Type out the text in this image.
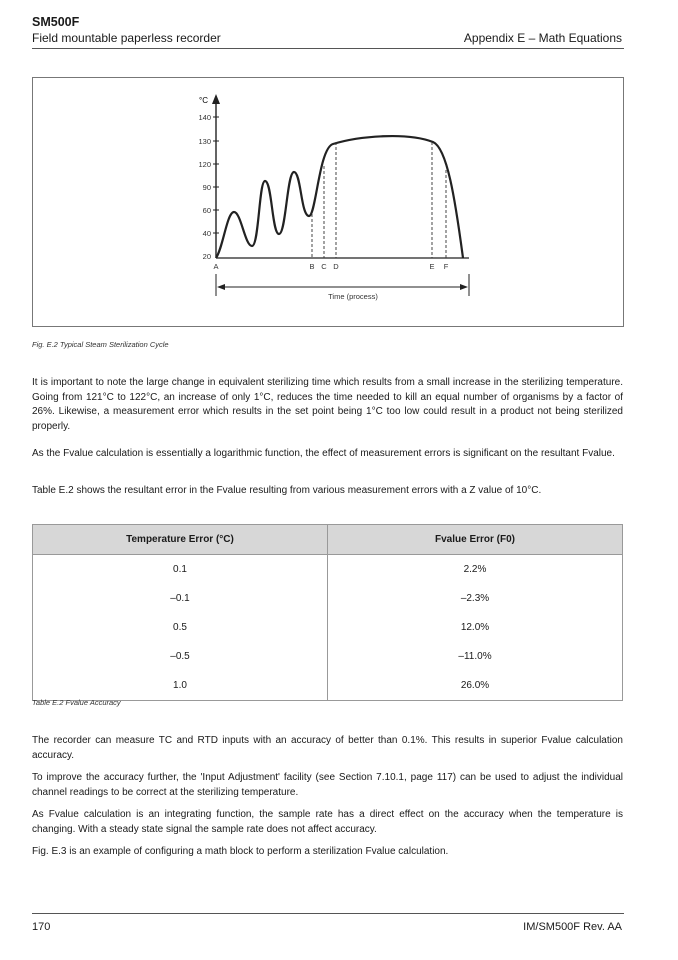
SM500F
Field mountable paperless recorder	Appendix E – Math Equations
°C
140
130
120
90
60
40
20
A	B C D	E F
Time (process)
Fig. E.2 Typical Steam Sterilization Cycle

It is important to note the large change in equivalent sterilizing time which results from a small increase in the sterilizing temperature. Going from 121°C to 122°C, an increase of only 1°C, reduces the time needed to kill an equal number of organisms by a factor of 26%. Likewise, a measurement error which results in the set point being 1°C too low could result in a product not being sterilized properly.

As the Fvalue calculation is essentially a logarithmic function, the effect of measurement errors is significant on the resultant Fvalue.

Table E.2 shows the resultant error in the Fvalue resulting from various measurement errors with a Z value of 10°C.

Temperature Error (°C)	Fvalue Error (F0)
0.1	2.2%
–0.1	–2.3%
0.5	12.0%
–0.5	–11.0%
1.0	26.0%
Table E.2 Fvalue Accuracy

The recorder can measure TC and RTD inputs with an accuracy of better than 0.1%. This results in superior Fvalue calculation accuracy.

To improve the accuracy further, the 'Input Adjustment' facility (see Section 7.10.1, page 117) can be used to adjust the individual channel readings to be correct at the sterilizing temperature.

As Fvalue calculation is an integrating function, the sample rate has a direct effect on the accuracy when the temperature is changing. With a steady state signal the sample rate does not affect accuracy.

Fig. E.3 is an example of configuring a math block to perform a sterilization Fvalue calculation.

170	IM/SM500F Rev. AA
